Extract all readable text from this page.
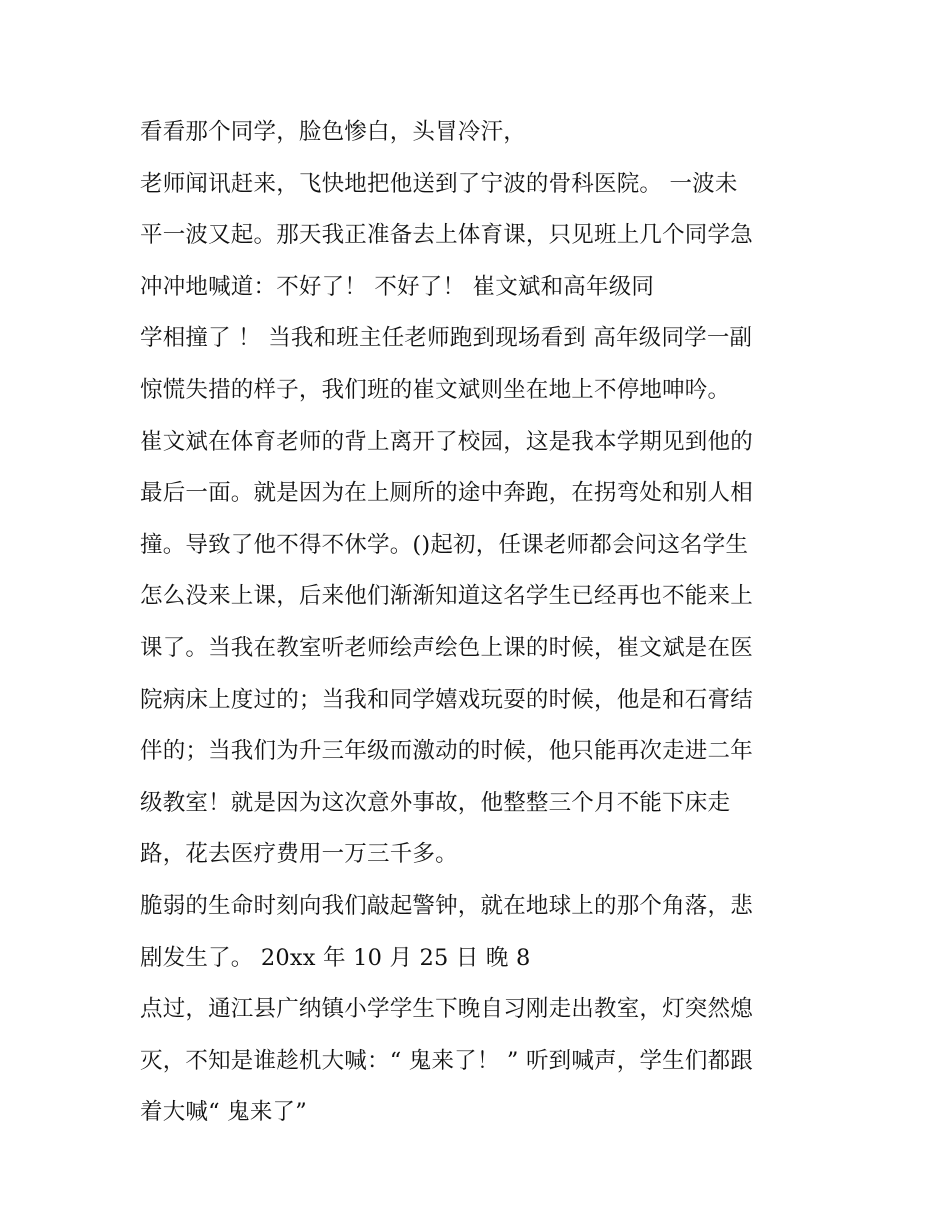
看看那个同学，脸色惨白，头冒冷汗，
老师闻讯赶来，飞快地把他送到了宁波的骨科医院。 一波未
平一波又起。那天我正准备去上体育课，只见班上几个同学急
冲冲地喊道：不好了！ 不好了！ 崔文斌和高年级同
学相撞了 ！ 当我和班主任老师跑到现场看到 高年级同学一副
惊慌失措的样子，我们班的崔文斌则坐在地上不停地呻吟。
崔文斌在体育老师的背上离开了校园，这是我本学期见到他的
最后一面。就是因为在上厕所的途中奔跑，在拐弯处和别人相
撞。导致了他不得不休学。()起初，任课老师都会问这名学生
怎么没来上课，后来他们渐渐知道这名学生已经再也不能来上
课了。当我在教室听老师绘声绘色上课的时候，崔文斌是在医
院病床上度过的；当我和同学嬉戏玩耍的时候，他是和石膏结
伴的；当我们为升三年级而激动的时候，他只能再次走进二年
级教室！就是因为这次意外事故，他整整三个月不能下床走
路，花去医疗费用一万三千多。
脆弱的生命时刻向我们敲起警钟，就在地球上的那个角落，悲
剧发生了。 20xx 年 10 月 25 日 晚 8
点过，通江县广纳镇小学学生下晚自习刚走出教室，灯突然熄
灭，不知是谁趁机大喊：“ 鬼来了！ ” 听到喊声，学生们都跟
着大喊“ 鬼来了”
